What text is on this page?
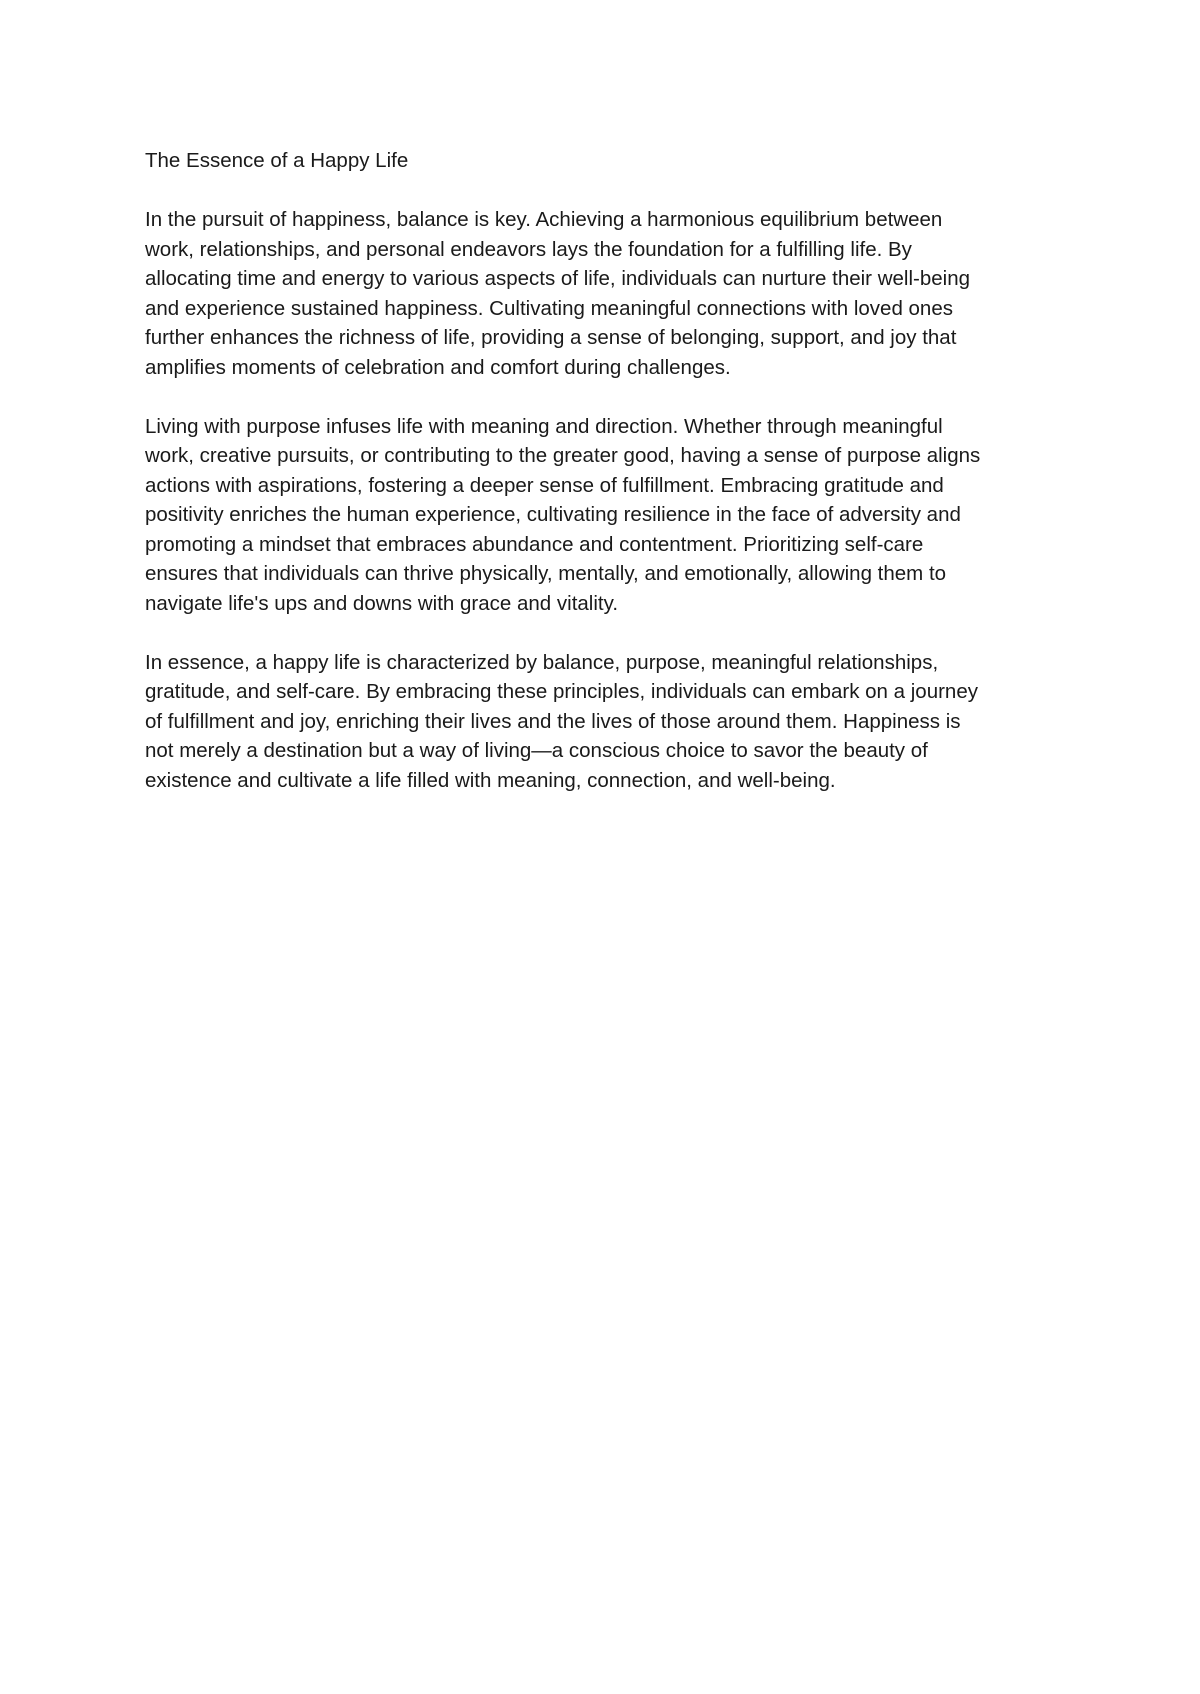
The Essence of a Happy Life

In the pursuit of happiness, balance is key. Achieving a harmonious equilibrium between
work, relationships, and personal endeavors lays the foundation for a fulfilling life. By
allocating time and energy to various aspects of life, individuals can nurture their well-being
and experience sustained happiness. Cultivating meaningful connections with loved ones
further enhances the richness of life, providing a sense of belonging, support, and joy that
amplifies moments of celebration and comfort during challenges.

Living with purpose infuses life with meaning and direction. Whether through meaningful
work, creative pursuits, or contributing to the greater good, having a sense of purpose aligns
actions with aspirations, fostering a deeper sense of fulfillment. Embracing gratitude and
positivity enriches the human experience, cultivating resilience in the face of adversity and
promoting a mindset that embraces abundance and contentment. Prioritizing self-care
ensures that individuals can thrive physically, mentally, and emotionally, allowing them to
navigate life's ups and downs with grace and vitality.

In essence, a happy life is characterized by balance, purpose, meaningful relationships,
gratitude, and self-care. By embracing these principles, individuals can embark on a journey
of fulfillment and joy, enriching their lives and the lives of those around them. Happiness is
not merely a destination but a way of living—a conscious choice to savor the beauty of
existence and cultivate a life filled with meaning, connection, and well-being.
